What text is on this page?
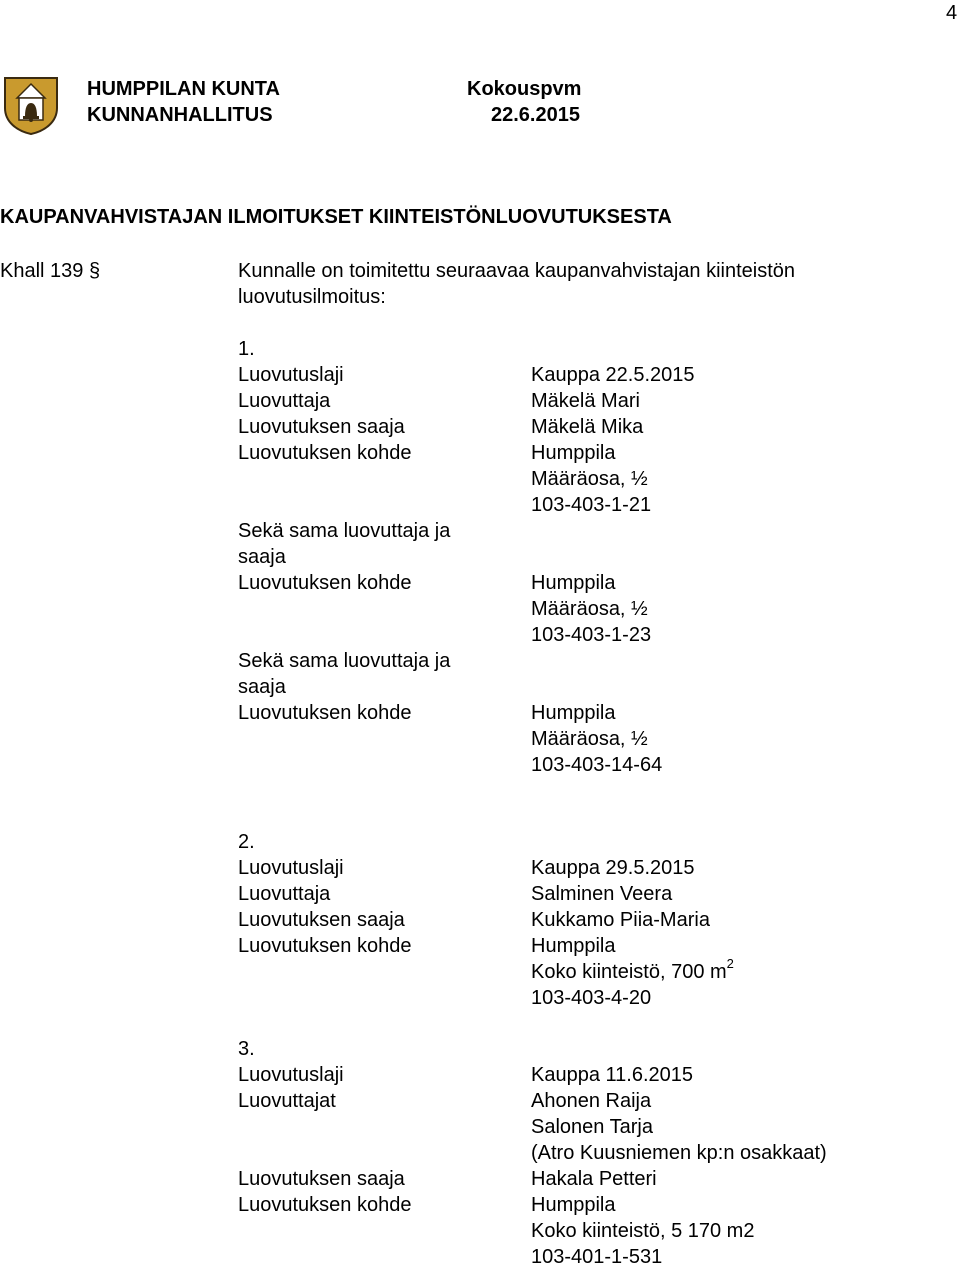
4
HUMPPILAN KUNTA
KUNNANHALLITUS
Kokouspvm
22.6.2015
KAUPANVAHVISTAJAN ILMOITUKSET KIINTEISTÖNLUOVUTUKSESTA
Khall 139 §	Kunnalle on toimitettu seuraavaa kaupanvahvistajan kiinteistön
luovutusilmoitus:
1.
Luovutuslaji	Kauppa 22.5.2015
Luovuttaja	Mäkelä Mari
Luovutuksen saaja	Mäkelä Mika
Luovutuksen kohde	Humppila
Määräosa, ½
103-403-1-21
Sekä sama luovuttaja ja
saaja
Luovutuksen kohde	Humppila
Määräosa, ½
103-403-1-23
Sekä sama luovuttaja ja
saaja
Luovutuksen kohde	Humppila
Määräosa, ½
103-403-14-64
2.
Luovutuslaji	Kauppa 29.5.2015
Luovuttaja	Salminen Veera
Luovutuksen saaja	Kukkamo Piia-Maria
Luovutuksen kohde	Humppila
Koko kiinteistö, 700 $m^2$
103-403-4-20
3.
Luovutuslaji	Kauppa 11.6.2015
Luovuttajat	Ahonen Raija
Salonen Tarja
(Atro Kuusniemen kp:n osakkaat)
Luovutuksen saaja	Hakala Petteri
Luovutuksen kohde	Humppila
Koko kiinteistö, 5 170 m2
103-401-1-531
